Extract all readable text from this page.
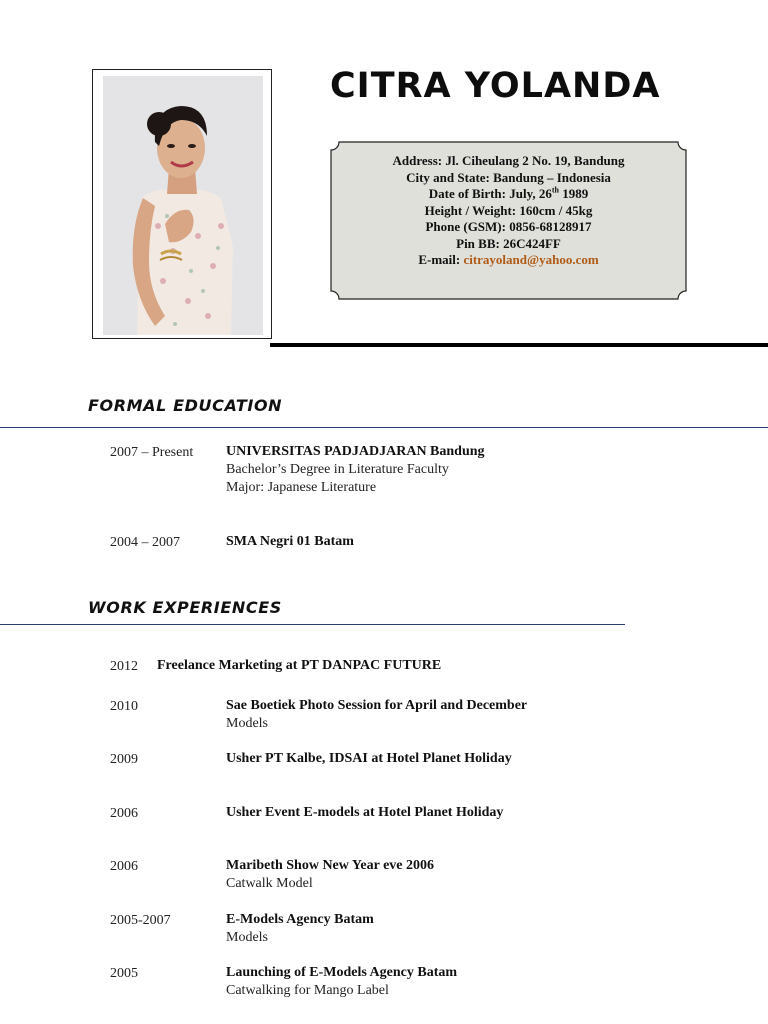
CITRA YOLANDA
Address: Jl. Ciheulang 2 No. 19, Bandung
City and State: Bandung – Indonesia
Date of Birth: July, 26th 1989
Height / Weight: 160cm / 45kg
Phone (GSM): 0856-68128917
Pin BB: 26C424FF
E-mail: citrayoland@yahoo.com
FORMAL EDUCATION
2007 – Present UNIVERSITAS PADJADJARAN Bandung
Bachelor’s Degree in Literature Faculty
Major: Japanese Literature
2004 – 2007	SMA Negri 01 Batam
WORK EXPERIENCES
2012 Freelance Marketing at PT DANPAC FUTURE
2010	Sae Boetiek Photo Session for April and December
Models
2009	Usher PT Kalbe, IDSAI at Hotel Planet Holiday
2006	Usher Event E-models at Hotel Planet Holiday
2006	Maribeth Show New Year eve 2006
Catwalk Model
2005-2007	E-Models Agency Batam
Models
2005	Launching of E-Models Agency Batam
Catwalking for Mango Label
